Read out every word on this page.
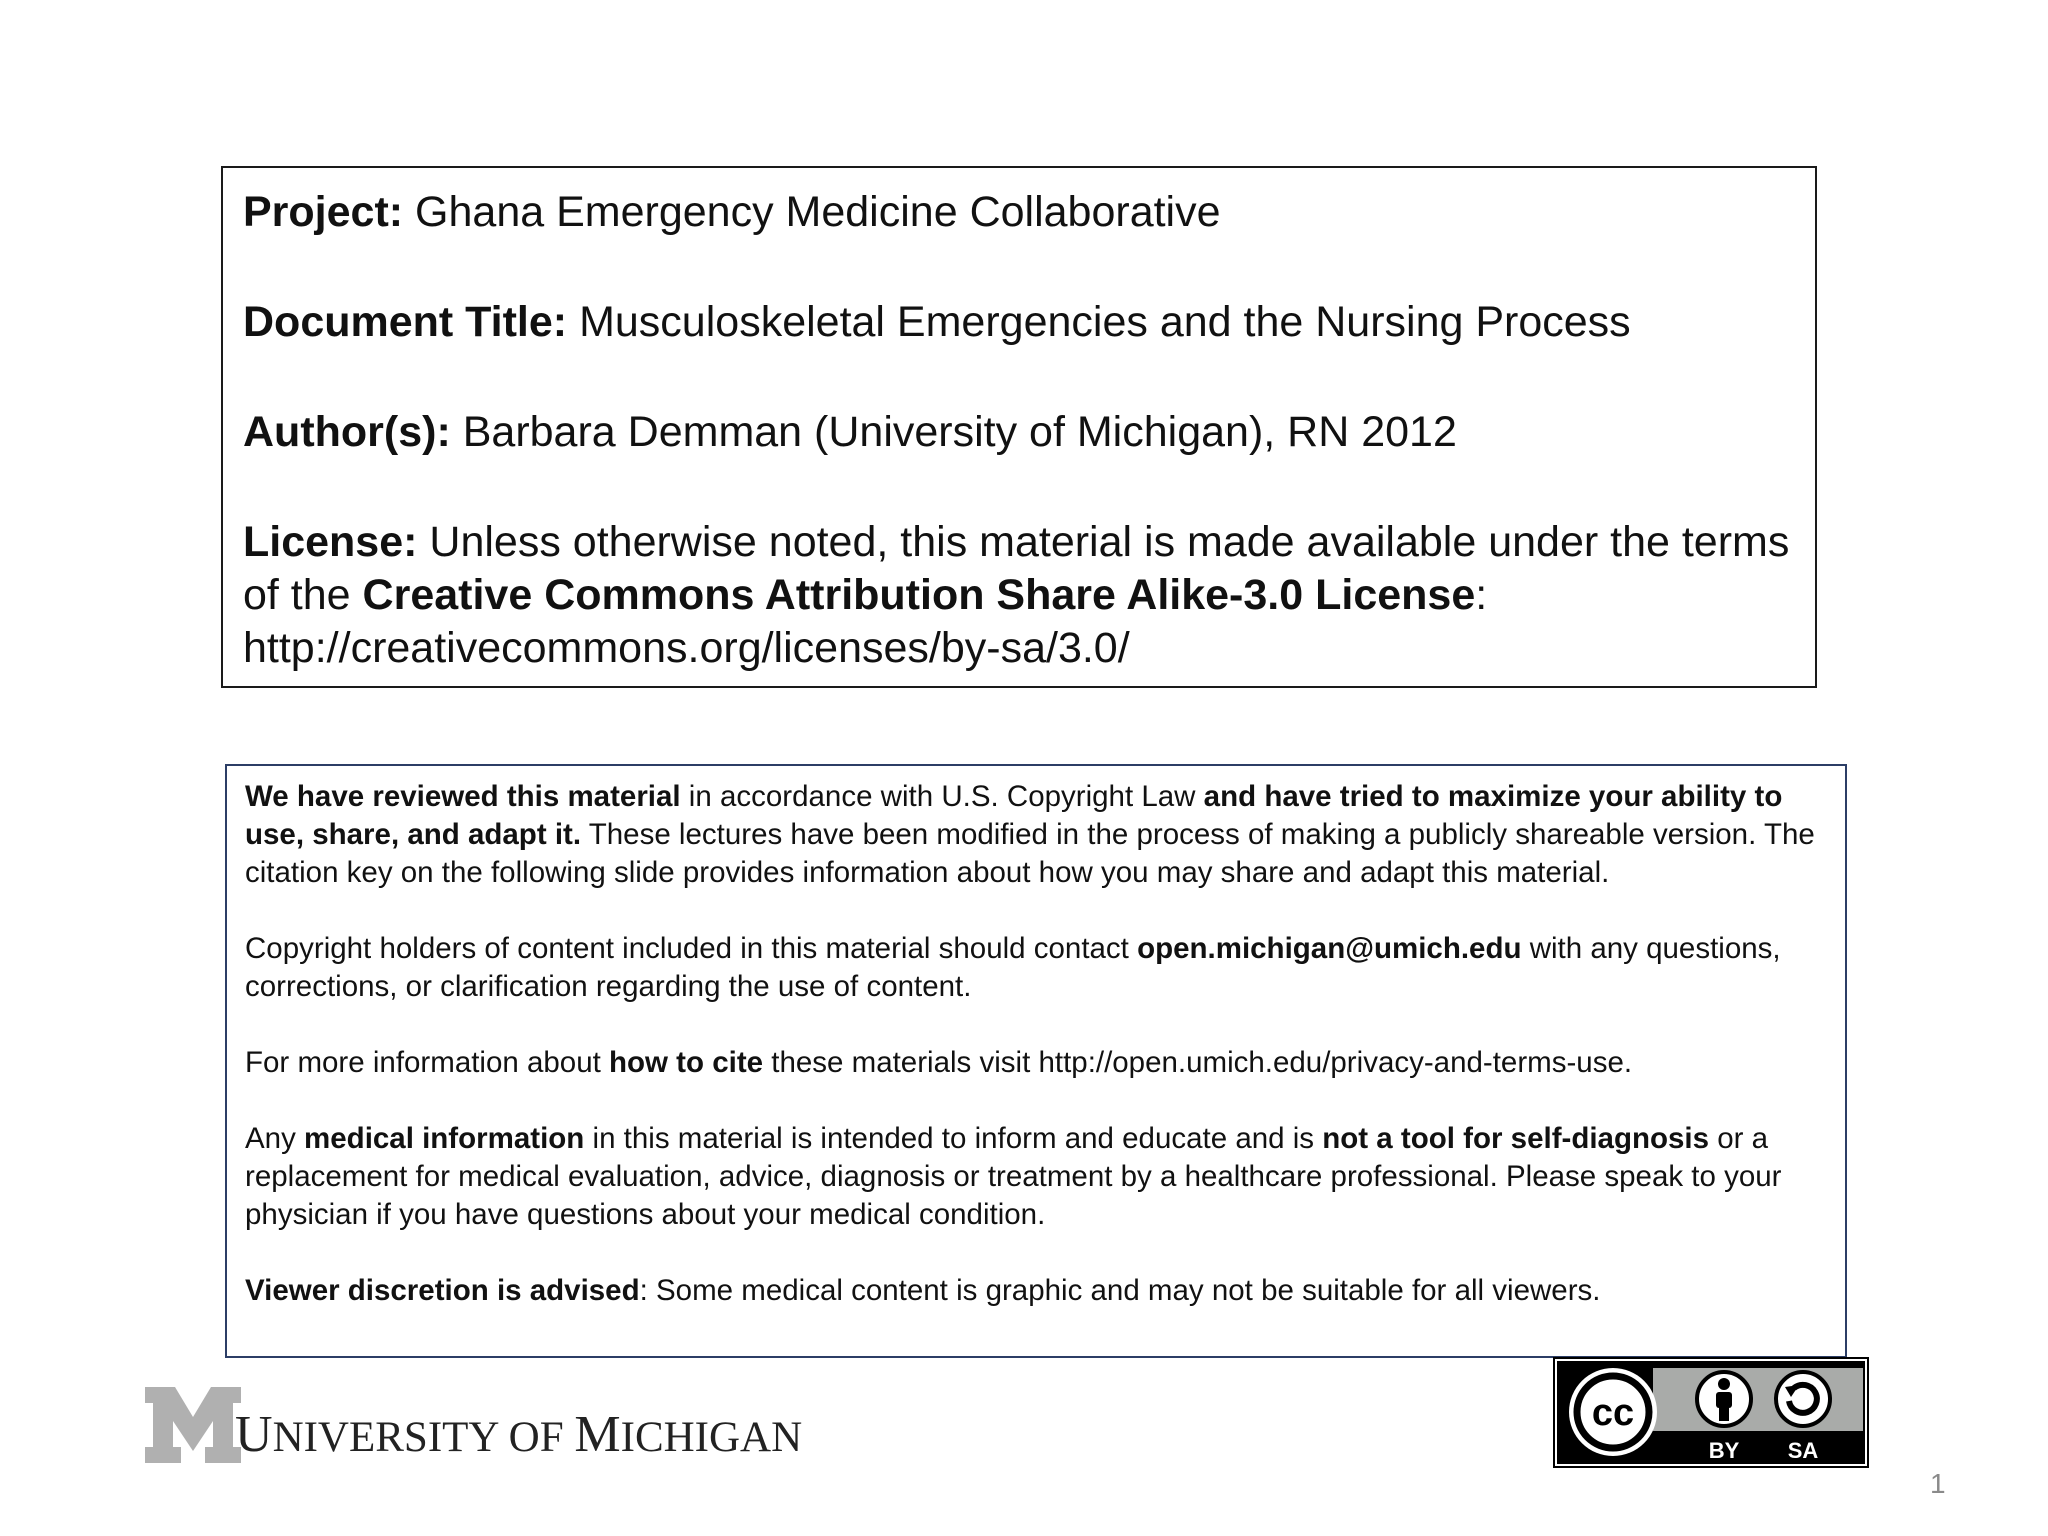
Project: Ghana Emergency Medicine Collaborative

Document Title: Musculoskeletal Emergencies and the Nursing Process

Author(s): Barbara Demman (University of Michigan), RN 2012

License: Unless otherwise noted, this material is made available under the terms of the Creative Commons Attribution Share Alike-3.0 License:
http://creativecommons.org/licenses/by-sa/3.0/

We have reviewed this material in accordance with U.S. Copyright Law and have tried to maximize your ability to use, share, and adapt it. These lectures have been modified in the process of making a publicly shareable version. The citation key on the following slide provides information about how you may share and adapt this material.

Copyright holders of content included in this material should contact open.michigan@umich.edu with any questions, corrections, or clarification regarding the use of content.

For more information about how to cite these materials visit http://open.umich.edu/privacy-and-terms-use.

Any medical information in this material is intended to inform and educate and is not a tool for self-diagnosis or a replacement for medical evaluation, advice, diagnosis or treatment by a healthcare professional. Please speak to your physician if you have questions about your medical condition.

Viewer discretion is advised: Some medical content is graphic and may not be suitable for all viewers.

UNIVERSITY OF MICHIGAN
cc
BY SA
1
